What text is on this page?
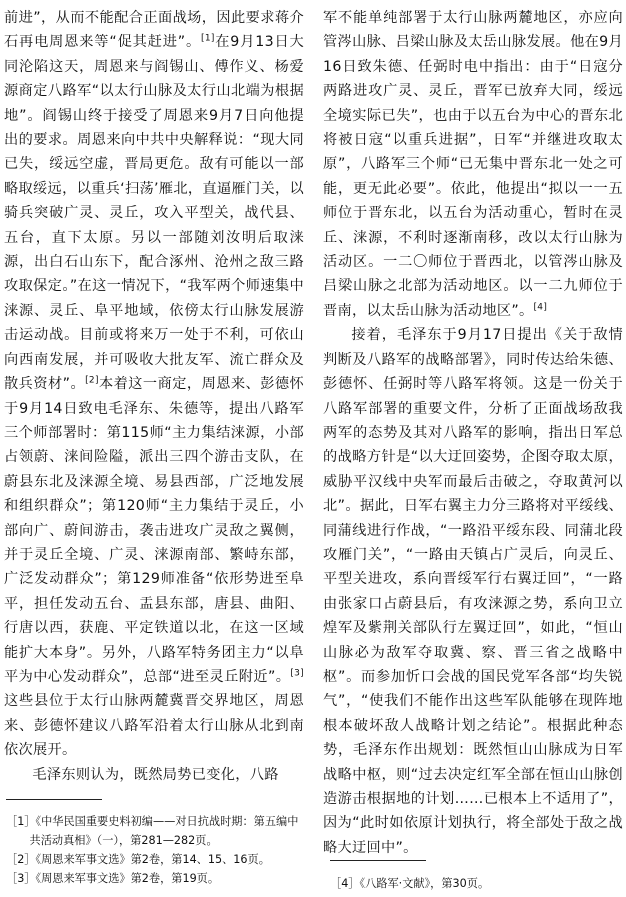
前进”，从而不能配合正面战场，因此要求蒋介石再电周恩来等“促其赶进”。[1]在9月13日大同沦陷这天，周恩来与阎锡山、傅作义、杨爱源商定八路军“以太行山脉及太行山北端为根据地”。阎锡山终于接受了周恩来9月7日向他提出的要求。周恩来向中共中央解释说：“现大同已失，绥远空虚，晋局更危。敌有可能以一部略取绥远，以重兵‘扫荡’雁北，直逼雁门关，以骑兵突破广灵、灵丘，攻入平型关，战代县、五台，直下太原。另以一部随刘汝明后取涞源，出白石山东下，配合涿州、沧州之敌三路攻取保定。”在这一情况下，“我军两个师速集中涞源、灵丘、阜平地域，依傍太行山脉发展游击运动战。目前或将来万一处于不利，可依山向西南发展，并可吸收大批友军、流亡群众及散兵资材”。[2]本着这一商定，周恩来、彭德怀于9月14日致电毛泽东、朱德等，提出八路军三个师部署时：第115师“主力集结涞源，小部占领蔚、涞间险隘，派出三四个游击支队，在蔚县东北及涞源全境、易县西部，广泛地发展和组织群众”；第120师“主力集结于灵丘，小部向广、蔚间游击，袭击进攻广灵敌之翼侧，并于灵丘全境、广灵、涞源南部、繁峙东部，广泛发动群众”；第129师准备“依形势进至阜平，担任发动五台、盂县东部，唐县、曲阳、行唐以西，获鹿、平定铁道以北，在这一区域能扩大本身”。另外，八路军特务团主力“以阜平为中心发动群众”，总部“进至灵丘附近”。[3]这些县位于太行山脉两麓冀晋交界地区，周恩来、彭德怀建议八路军沿着太行山脉从北到南依次展开。

毛泽东则认为，既然局势已变化，八路

军不能单纯部署于太行山脉两麓地区，亦应向管涔山脉、吕梁山脉及太岳山脉发展。他在9月16日致朱德、任弼时电中指出：由于“日寇分两路进攻广灵、灵丘，晋军已放弃大同，绥远全境实际已失”，也由于以五台为中心的晋东北将被日寇“以重兵进据”，日军“并继进攻取太原”，八路军三个师“已无集中晋东北一处之可能，更无此必要”。依此，他提出“拟以一一五师位于晋东北，以五台为活动重心，暂时在灵丘、涞源，不利时逐渐南移，改以太行山脉为活动区。一二〇师位于晋西北，以管涔山脉及吕梁山脉之北部为活动地区。以一二九师位于晋南，以太岳山脉为活动地区”。[4]

接着，毛泽东于9月17日提出《关于敌情判断及八路军的战略部署》，同时传达给朱德、彭德怀、任弼时等八路军将领。这是一份关于八路军部署的重要文件，分析了正面战场敌我两军的态势及其对八路军的影响，指出日军总的战略方针是“以大迂回姿势，企图夺取太原，威胁平汉线中央军而最后击破之，夺取黄河以北”。据此，日军右翼主力分三路将对平绥线、同蒲线进行作战，“一路沿平绥东段、同蒲北段攻雁门关”，“一路由天镇占广灵后，向灵丘、平型关进攻，系向晋绥军行右翼迂回”，“一路由张家口占蔚县后，有攻涞源之势，系向卫立煌军及紫荆关部队行左翼迂回”，如此，“恒山山脉必为敌军夺取冀、察、晋三省之战略中枢”。而参加忻口会战的国民党军各部“均失锐气”，“使我们不能作出这些军队能够在现阵地根本破坏敌人战略计划之结论”。根据此种态势，毛泽东作出规划：既然恒山山脉成为日军战略中枢，则“过去决定红军全部在恒山山脉创造游击根据地的计划……已根本上不适用了”，因为“此时如依原计划执行，将全部处于敌之战略大迂回中”。

［1］《中华民国重要史料初编——对日抗战时期：第五编中共活动真相》（一），第281—282页。
［2］《周恩来军事文选》第2卷，第14、15、16页。
［3］《周恩来军事文选》第2卷，第19页。	［4］《八路军·文献》，第30页。
